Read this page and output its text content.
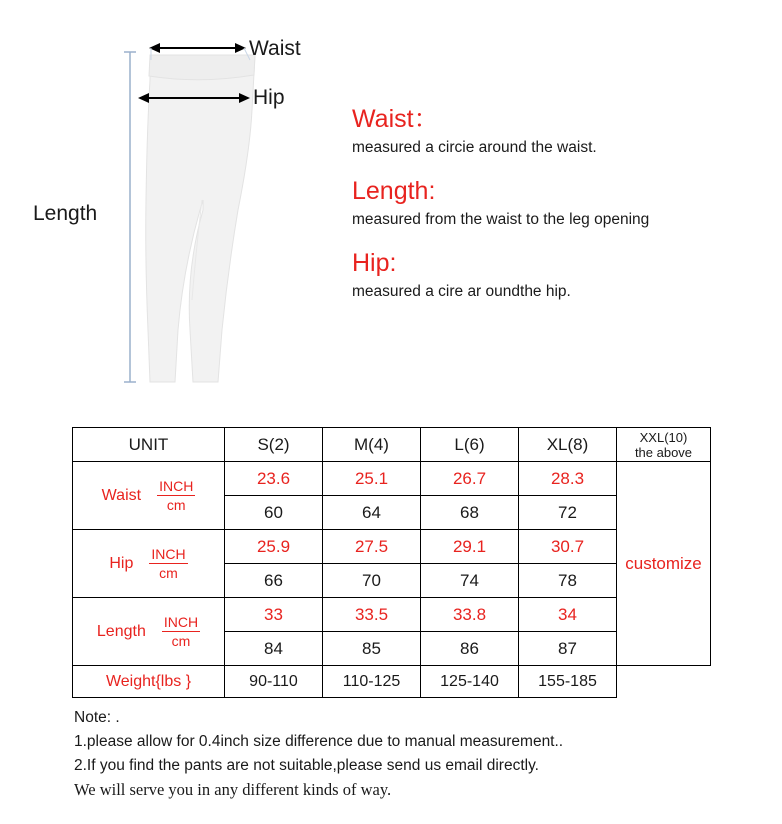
Waist
Hip
Length

Waist：

measured a circie around the waist.

Length:

measured from the waist to the leg opening

Hip:

measured a cire ar oundthe hip.

UNIT	S(2)	M(4)	L(6)	XL(8)	XXL(10)
the above

Waist $\frac{\text{INCH}}{cm}$	23.6	25.1	26.7	28.3	customize
	60	64	68	72	

Hip $\frac{\text{INCH}}{cm}$	25.9	27.5	29.1	30.7	
	66	70	74	78	

Length $\frac{\text{INCH}}{cm}$	33	33.5	33.8	34	
	84	85	86	87	
Weight{lbs }	90-110	110-125	125-140	155-185	

Note: .

1.please allow for 0.4inch size difference due to manual measurement..

2.If you find the pants are not suitable,please send us email directly.

We will serve you in any different kinds of way.
